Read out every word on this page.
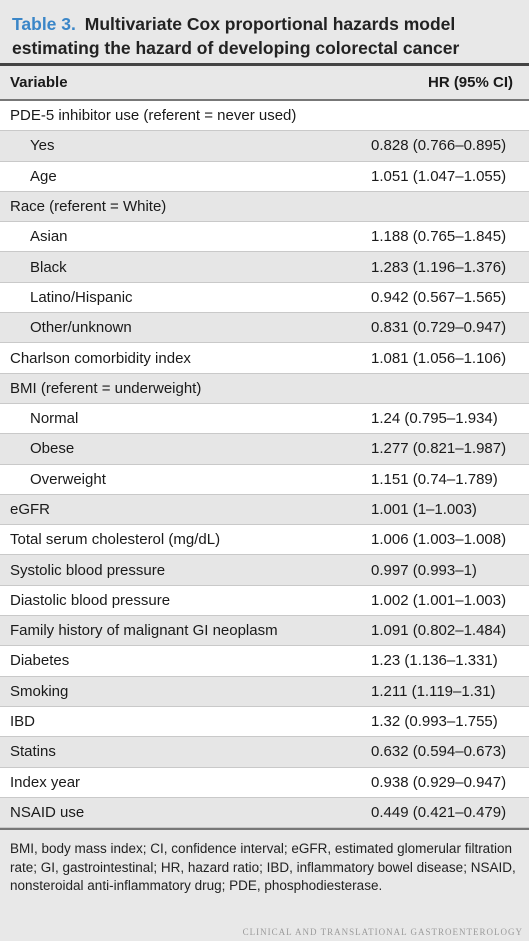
Table 3. Multivariate Cox proportional hazards model estimating the hazard of developing colorectal cancer
Variable	HR (95% CI)
PDE-5 inhibitor use (referent = never used)
Yes	0.828 (0.766–0.895)
Age	1.051 (1.047–1.055)
Race (referent = White)
Asian	1.188 (0.765–1.845)
Black	1.283 (1.196–1.376)
Latino/Hispanic	0.942 (0.567–1.565)
Other/unknown	0.831 (0.729–0.947)
Charlson comorbidity index	1.081 (1.056–1.106)
BMI (referent = underweight)
Normal	1.24 (0.795–1.934)
Obese	1.277 (0.821–1.987)
Overweight	1.151 (0.74–1.789)
eGFR	1.001 (1–1.003)
Total serum cholesterol (mg/dL)	1.006 (1.003–1.008)
Systolic blood pressure	0.997 (0.993–1)
Diastolic blood pressure	1.002 (1.001–1.003)
Family history of malignant GI neoplasm	1.091 (0.802–1.484)
Diabetes	1.23 (1.136–1.331)
Smoking	1.211 (1.119–1.31)
IBD	1.32 (0.993–1.755)
Statins	0.632 (0.594–0.673)
Index year	0.938 (0.929–0.947)
NSAID use	0.449 (0.421–0.479)
BMI, body mass index; CI, confidence interval; eGFR, estimated glomerular filtration rate; GI, gastrointestinal; HR, hazard ratio; IBD, inflammatory bowel disease; NSAID, nonsteroidal anti-inflammatory drug; PDE, phosphodiesterase.
CLINICAL AND TRANSLATIONAL GASTROENTEROLOGY
